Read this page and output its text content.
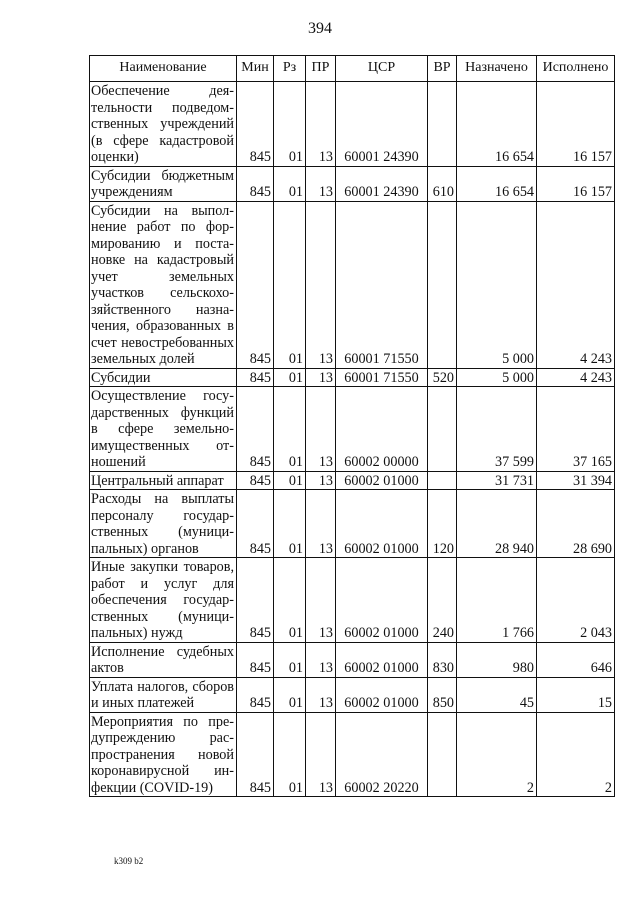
394
Наименование	Мин	Рз	ПР	ЦСР	ВР	Назначено	Исполнено
Обеспечение деятельности подведомственных учреждений (в сфере кадастровой оценки)	845	01	13	60001 24390		16 654	16 157
Субсидии бюджетным учреждениям	845	01	13	60001 24390	610	16 654	16 157
Субсидии на выполнение работ по формированию и постановке на кадастровый учет земельных участков сельскохозяйственного назначения, образованных в счет невостребованных земельных долей	845	01	13	60001 71550		5 000	4 243
Субсидии	845	01	13	60001 71550	520	5 000	4 243
Осуществление государственных функций в сфере земельно-имущественных отношений	845	01	13	60002 00000		37 599	37 165
Центральный аппарат	845	01	13	60002 01000		31 731	31 394
Расходы на выплаты персоналу государственных (муниципальных) органов	845	01	13	60002 01000	120	28 940	28 690
Иные закупки товаров, работ и услуг для обеспечения государственных (муниципальных) нужд	845	01	13	60002 01000	240	1 766	2 043
Исполнение судебных актов	845	01	13	60002 01000	830	980	646
Уплата налогов, сборов и иных платежей	845	01	13	60002 01000	850	45	15
Мероприятия по предупреждению распространения новой коронавирусной инфекции (COVID-19)	845	01	13	60002 20220		2	2
k309 b2
